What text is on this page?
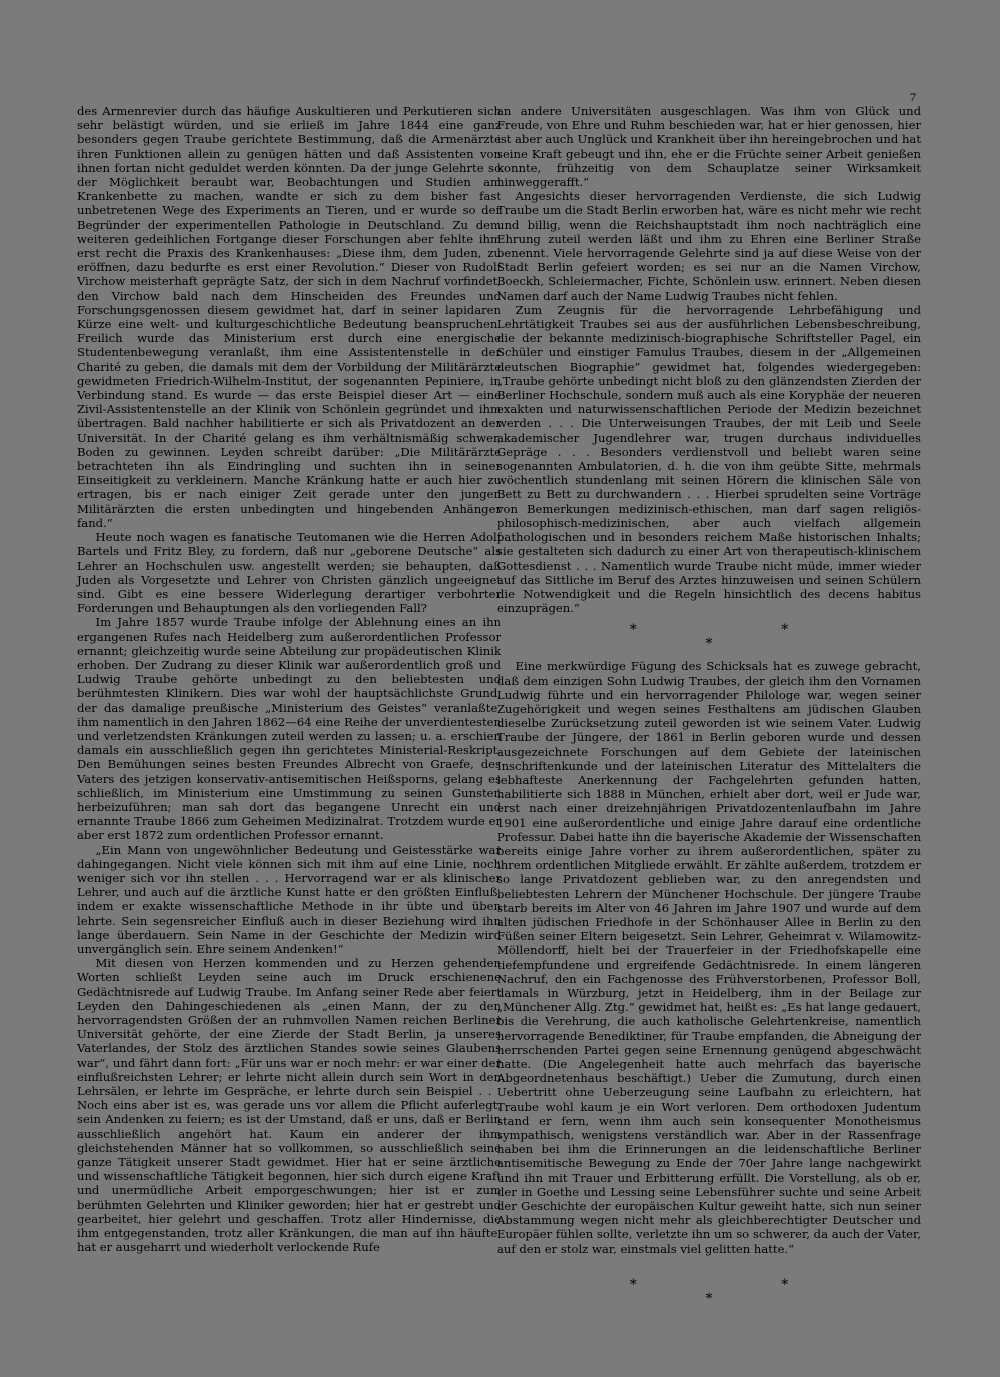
7

des Armenrevier durch das häufige Auskultieren und Perkutieren sich sehr belästigt würden, und sie erließ im Jahre 1844 eine ganz besonders gegen Traube gerichtete Bestimmung, daß die Armenärzte ihren Funktionen allein zu genügen hätten und daß Assistenten von ihnen fortan nicht geduldet werden könnten. Da der junge Gelehrte so der Möglichkeit beraubt war, Beobachtungen und Studien am Krankenbette zu machen, wandte er sich zu dem bisher fast unbetretenen Wege des Experiments an Tieren, und er wurde so der Begründer der experimentellen Pathologie in Deutschland. Zu dem weiteren gedeihlichen Fortgange dieser Forschungen aber fehlte ihm erst recht die Praxis des Krankenhauses: „Diese ihm, dem Juden, zu eröffnen, dazu bedurfte es erst einer Revolution.“ Dieser von Rudolf Virchow meisterhaft geprägte Satz, der sich in dem Nachruf vorfindet, den Virchow bald nach dem Hinscheiden des Freundes und Forschungsgenossen diesem gewidmet hat, darf in seiner lapidaren Kürze eine welt- und kulturgeschichtliche Bedeutung beanspruchen. Freilich wurde das Ministerium erst durch eine energische Studentenbewegung veranlaßt, ihm eine Assistentenstelle in der Charité zu geben, die damals mit dem der Vorbildung der Militärärzte gewidmeten Friedrich-Wilhelm-Institut, der sogenannten Pepiniere, in Verbindung stand. Es wurde — das erste Beispiel dieser Art — eine Zivil-Assistentenstelle an der Klinik von Schönlein gegründet und ihm übertragen. Bald nachher habilitierte er sich als Privatdozent an der Universität. In der Charité gelang es ihm verhältnismäßig schwer, Boden zu gewinnen. Leyden schreibt darüber: „Die Militärärzte betrachteten ihn als Eindringling und suchten ihn in seiner Einseitigkeit zu verkleinern. Manche Kränkung hatte er auch hier zu ertragen, bis er nach einiger Zeit gerade unter den jungen Militärärzten die ersten unbedingten und hingebenden Anhänger fand.“

Heute noch wagen es fanatische Teutomanen wie die Herren Adolf Bartels und Fritz Bley, zu fordern, daß nur „geborene Deutsche“ als Lehrer an Hochschulen usw. angestellt werden; sie behaupten, daß Juden als Vorgesetzte und Lehrer von Christen gänzlich ungeeignet sind. Gibt es eine bessere Widerlegung derartiger verbohrter Forderungen und Behauptungen als den vorliegenden Fall?

Im Jahre 1857 wurde Traube infolge der Ablehnung eines an ihn ergangenen Rufes nach Heidelberg zum außerordentlichen Professor ernannt; gleichzeitig wurde seine Abteilung zur propädeutischen Klinik erhoben. Der Zudrang zu dieser Klinik war außerordentlich groß und Ludwig Traube gehörte unbedingt zu den beliebtesten und berühmtesten Klinikern. Dies war wohl der hauptsächlichste Grund, der das damalige preußische „Ministerium des Geistes“ veranlaßte, ihm namentlich in den Jahren 1862—64 eine Reihe der unverdientesten und verletzendsten Kränkungen zuteil werden zu lassen; u. a. erschien damals ein ausschließlich gegen ihn gerichtetes Ministerial-Reskript. Den Bemühungen seines besten Freundes Albrecht von Graefe, des Vaters des jetzigen konservativ-antisemitischen Heißsporns, gelang es schließlich, im Ministerium eine Umstimmung zu seinen Gunsten herbeizuführen; man sah dort das begangene Unrecht ein und ernannte Traube 1866 zum Geheimen Medizinalrat. Trotzdem wurde er aber erst 1872 zum ordentlichen Professor ernannt.

„Ein Mann von ungewöhnlicher Bedeutung und Geistesstärke war dahingegangen. Nicht viele können sich mit ihm auf eine Linie, noch weniger sich vor ihn stellen . . . Hervorragend war er als klinischer Lehrer, und auch auf die ärztliche Kunst hatte er den größten Einfluß, indem er exakte wissenschaftliche Methode in ihr übte und üben lehrte. Sein segensreicher Einfluß auch in dieser Beziehung wird ihn lange überdauern. Sein Name in der Geschichte der Medizin wird unvergänglich sein. Ehre seinem Andenken!“

Mit diesen von Herzen kommenden und zu Herzen gehenden Worten schließt Leyden seine auch im Druck erschienene Gedächtnisrede auf Ludwig Traube. Im Anfang seiner Rede aber feiert Leyden den Dahingeschiedenen als „einen Mann, der zu den hervorragendsten Größen der an ruhmvollen Namen reichen Berliner Universität gehörte, der eine Zierde der Stadt Berlin, ja unseres Vaterlandes, der Stolz des ärztlichen Standes sowie seines Glaubens war“, und fährt dann fort: „Für uns war er noch mehr: er war einer der einflußreichsten Lehrer; er lehrte nicht allein durch sein Wort in den Lehrsälen, er lehrte im Gespräche, er lehrte durch sein Beispiel . . . Noch eins aber ist es, was gerade uns vor allem die Pflicht auferlegt, sein Andenken zu feiern; es ist der Umstand, daß er uns, daß er Berlin ausschließlich angehört hat. Kaum ein anderer der ihm gleichstehenden Männer hat so vollkommen, so ausschließlich seine ganze Tätigkeit unserer Stadt gewidmet. Hier hat er seine ärztliche und wissenschaftliche Tätigkeit begonnen, hier sich durch eigene Kraft und unermüdliche Arbeit emporgeschwungen; hier ist er zum berühmten Gelehrten und Kliniker geworden; hier hat er gestrebt und gearbeitet, hier gelehrt und geschaffen. Trotz aller Hindernisse, die ihm entgegenstanden, trotz aller Kränkungen, die man auf ihn häufte, hat er ausgeharrt und wiederholt verlockende Rufe

an andere Universitäten ausgeschlagen. Was ihm von Glück und Freude, von Ehre und Ruhm beschieden war, hat er hier genossen, hier ist aber auch Unglück und Krankheit über ihn hereingebrochen und hat seine Kraft gebeugt und ihn, ehe er die Früchte seiner Arbeit genießen konnte, frühzeitig von dem Schauplatze seiner Wirksamkeit hinweggerafft.“

Angesichts dieser hervorragenden Verdienste, die sich Ludwig Traube um die Stadt Berlin erworben hat, wäre es nicht mehr wie recht und billig, wenn die Reichshauptstadt ihm noch nachträglich eine Ehrung zuteil werden läßt und ihm zu Ehren eine Berliner Straße benennt. Viele hervorragende Gelehrte sind ja auf diese Weise von der Stadt Berlin gefeiert worden; es sei nur an die Namen Virchow, Boeckh, Schleiermacher, Fichte, Schönlein usw. erinnert. Neben diesen Namen darf auch der Name Ludwig Traubes nicht fehlen.

Zum Zeugnis für die hervorragende Lehrbefähigung und Lehrtätigkeit Traubes sei aus der ausführlichen Lebensbeschreibung, die der bekannte medizinisch-biographische Schriftsteller Pagel, ein Schüler und einstiger Famulus Traubes, diesem in der „Allgemeinen deutschen Biographie“ gewidmet hat, folgendes wiedergegeben: „Traube gehörte unbedingt nicht bloß zu den glänzendsten Zierden der Berliner Hochschule, sondern muß auch als eine Koryphäe der neueren exakten und naturwissenschaftlichen Periode der Medizin bezeichnet werden . . . Die Unterweisungen Traubes, der mit Leib und Seele akademischer Jugendlehrer war, trugen durchaus individuelles Gepräge . . . Besonders verdienstvoll und beliebt waren seine sogenannten Ambulatorien, d. h. die von ihm geübte Sitte, mehrmals wöchentlich stundenlang mit seinen Hörern die klinischen Säle von Bett zu Bett zu durchwandern . . . Hierbei sprudelten seine Vorträge von Bemerkungen medizinisch-ethischen, man darf sagen religiös-philosophisch-medizinischen, aber auch vielfach allgemein pathologischen und in besonders reichem Maße historischen Inhalts; sie gestalteten sich dadurch zu einer Art von therapeutisch-klinischem Gottesdienst . . . Namentlich wurde Traube nicht müde, immer wieder auf das Sittliche im Beruf des Arztes hinzuweisen und seinen Schülern die Notwendigkeit und die Regeln hinsichtlich des decens habitus einzuprägen.“

* * *

Eine merkwürdige Fügung des Schicksals hat es zuwege gebracht, daß dem einzigen Sohn Ludwig Traubes, der gleich ihm den Vornamen Ludwig führte und ein hervorragender Philologe war, wegen seiner Zugehörigkeit und wegen seines Festhaltens am jüdischen Glauben dieselbe Zurücksetzung zuteil geworden ist wie seinem Vater. Ludwig Traube der Jüngere, der 1861 in Berlin geboren wurde und dessen ausgezeichnete Forschungen auf dem Gebiete der lateinischen Inschriftenkunde und der lateinischen Literatur des Mittelalters die lebhafteste Anerkennung der Fachgelehrten gefunden hatten, habilitierte sich 1888 in München, erhielt aber dort, weil er Jude war, erst nach einer dreizehnjährigen Privatdozentenlaufbahn im Jahre 1901 eine außerordentliche und einige Jahre darauf eine ordentliche Professur. Dabei hatte ihn die bayerische Akademie der Wissenschaften bereits einige Jahre vorher zu ihrem außerordentlichen, später zu ihrem ordentlichen Mitgliede erwählt. Er zählte außerdem, trotzdem er so lange Privatdozent geblieben war, zu den anregendsten und beliebtesten Lehrern der Münchener Hochschule. Der jüngere Traube starb bereits im Alter von 46 Jahren im Jahre 1907 und wurde auf dem alten jüdischen Friedhofe in der Schönhauser Allee in Berlin zu den Füßen seiner Eltern beigesetzt. Sein Lehrer, Geheimrat v. Wilamowitz-Möllendorff, hielt bei der Trauerfeier in der Friedhofskapelle eine tiefempfundene und ergreifende Gedächtnisrede. In einem längeren Nachruf, den ein Fachgenosse des Frühverstorbenen, Professor Boll, damals in Würzburg, jetzt in Heidelberg, ihm in der Beilage zur „Münchener Allg. Ztg.“ gewidmet hat, heißt es: „Es hat lange gedauert, bis die Verehrung, die auch katholische Gelehrtenkreise, namentlich hervorragende Benediktiner, für Traube empfanden, die Abneigung der herrschenden Partei gegen seine Ernennung genügend abgeschwächt hatte. (Die Angelegenheit hatte auch mehrfach das bayerische Abgeordnetenhaus beschäftigt.) Ueber die Zumutung, durch einen Uebertritt ohne Ueberzeugung seine Laufbahn zu erleichtern, hat Traube wohl kaum je ein Wort verloren. Dem orthodoxen Judentum stand er fern, wenn ihm auch sein konsequenter Monotheismus sympathisch, wenigstens verständlich war. Aber in der Rassenfrage haben bei ihm die Erinnerungen an die leidenschaftliche Berliner antisemitische Bewegung zu Ende der 70er Jahre lange nachgewirkt und ihn mit Trauer und Erbitterung erfüllt. Die Vorstellung, als ob er, der in Goethe und Lessing seine Lebensführer suchte und seine Arbeit der Geschichte der europäischen Kultur geweiht hatte, sich nun seiner Abstammung wegen nicht mehr als gleichberechtigter Deutscher und Europäer fühlen sollte, verletzte ihn um so schwerer, da auch der Vater, auf den er stolz war, einstmals viel gelitten hatte.“

* * *
